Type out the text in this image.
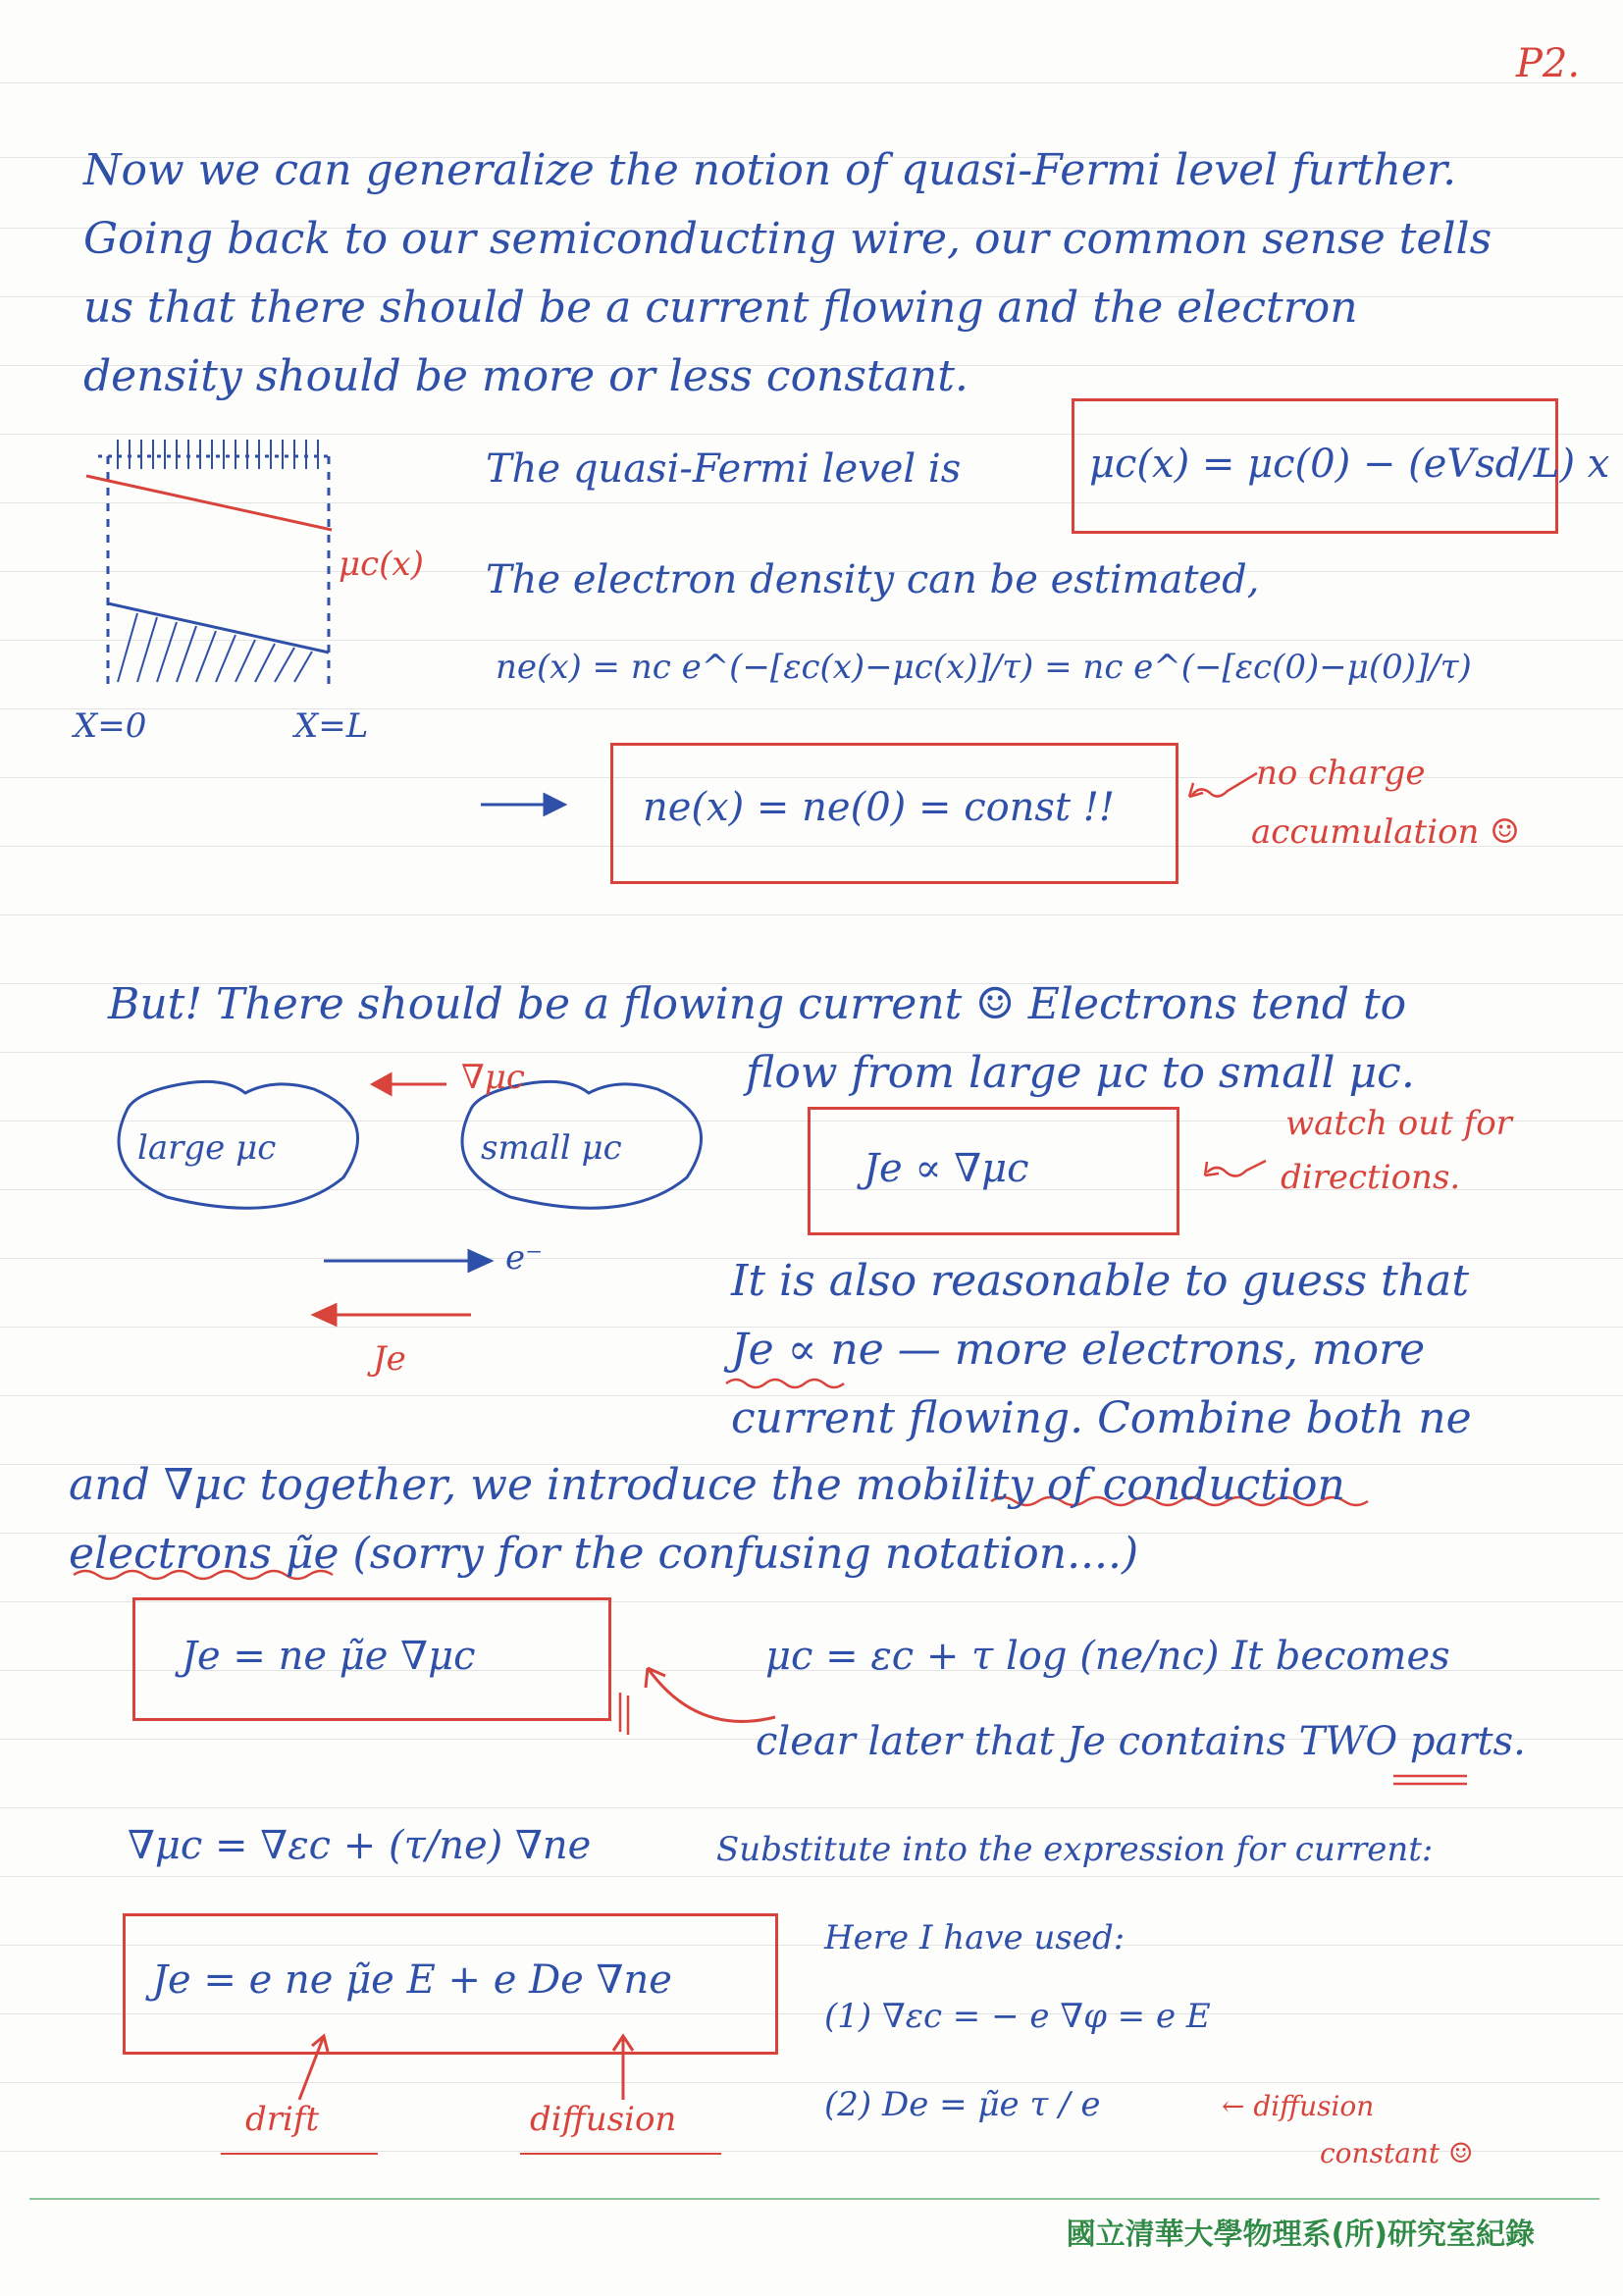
P2.
Now we can generalize the notion of quasi-Fermi level further.
Going back to our semiconducting wire, our common sense tells
us that there should be a current flowing and the electron
density should be more or less constant.
μc(x)
X=0	X=L
The quasi-Fermi level is	μc(x) = μc(0) − (eVsd/L) x
The electron density can be estimated,
ne(x) = nc e^(−[εc(x)−μc(x)]/τ) = nc e^(−[εc(0)−μ(0)]/τ)
ne(x) = ne(0) = const !!
no charge
accumulation ☺
But! There should be a flowing current ☺ Electrons tend to
flow from large μc to small μc.
∇μc
large μc	small μc
e⁻
Je
Je ∝ ∇μc
watch out for
directions.
It is also reasonable to guess that
Je ∝ ne — more electrons, more
current flowing. Combine both ne
and ∇μc together, we introduce the mobility of conduction
electrons μ̃e (sorry for the confusing notation....)
Je = ne μ̃e ∇μc	μc = εc + τ log (ne/nc) It becomes
clear later that Je contains TWO parts.
∇μc = ∇εc + (τ/ne) ∇ne	Substitute into the expression for current:
Je = e ne μ̃e E + e De ∇ne
Here I have used:
(1) ∇εc = − e ∇φ = e E
(2) De = μ̃e τ / e	← diffusion
constant ☺
drift	diffusion
國立清華大學物理系(所)研究室紀錄
